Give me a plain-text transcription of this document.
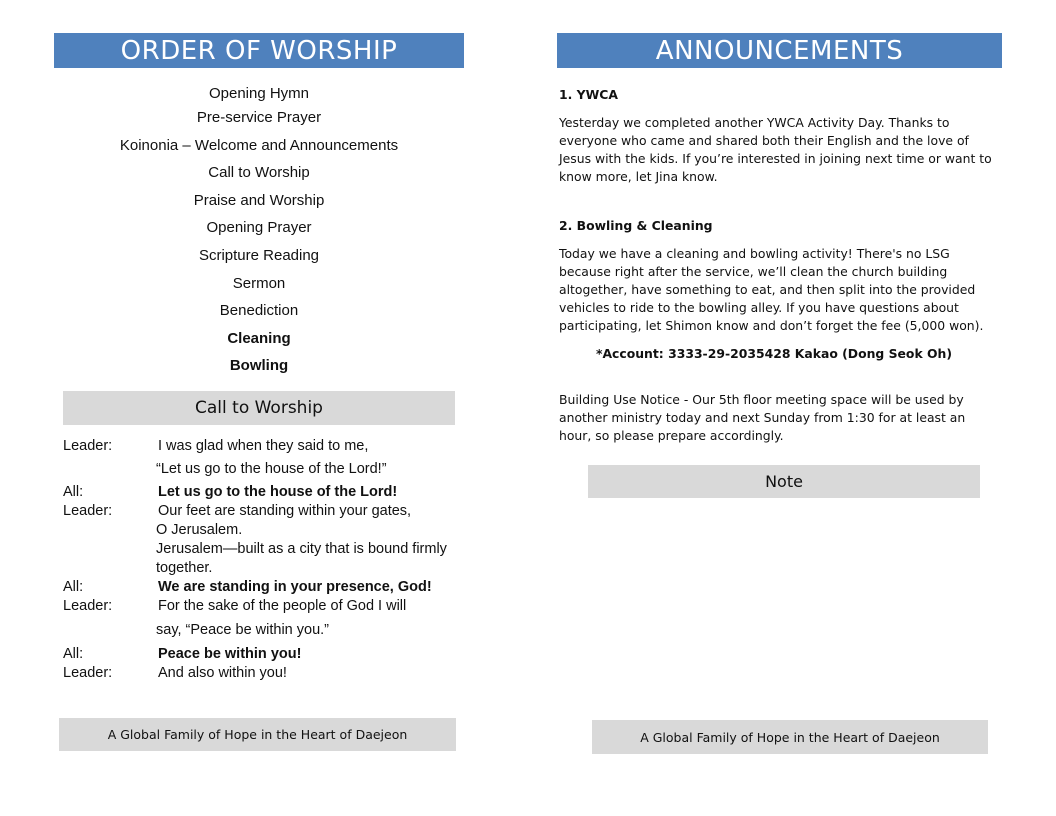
ORDER OF WORSHIP
Opening Hymn
Pre-service Prayer
Koinonia – Welcome and Announcements
Call to Worship
Praise and Worship
Opening Prayer
Scripture Reading
Sermon
Benediction
Cleaning
Bowling
Call to Worship
Leader:	I was glad when they said to me,
“Let us go to the house of the Lord!”
All:	Let us go to the house of the Lord!
Leader:	Our feet are standing within your gates,
O Jerusalem.
Jerusalem—built as a city that is bound firmly
together.
All:	We are standing in your presence, God!
Leader:	For the sake of the people of God I will
say, “Peace be within you.”
All:	Peace be within you!
Leader:	And also within you!
A Global Family of Hope in the Heart of Daejeon
ANNOUNCEMENTS
1. YWCA
Yesterday we completed another YWCA Activity Day. Thanks to everyone who came and shared both their English and the love of Jesus with the kids. If you’re interested in joining next time or want to know more, let Jina know.
2. Bowling & Cleaning
Today we have a cleaning and bowling activity! There's no LSG because right after the service, we’ll clean the church building altogether, have something to eat, and then split into the provided vehicles to ride to the bowling alley. If you have questions about participating, let Shimon know and don’t forget the fee (5,000 won).
*Account: 3333-29-2035428 Kakao (Dong Seok Oh)
Building Use Notice - Our 5th floor meeting space will be used by another ministry today and next Sunday from 1:30 for at least an hour, so please prepare accordingly.
Note
A Global Family of Hope in the Heart of Daejeon
